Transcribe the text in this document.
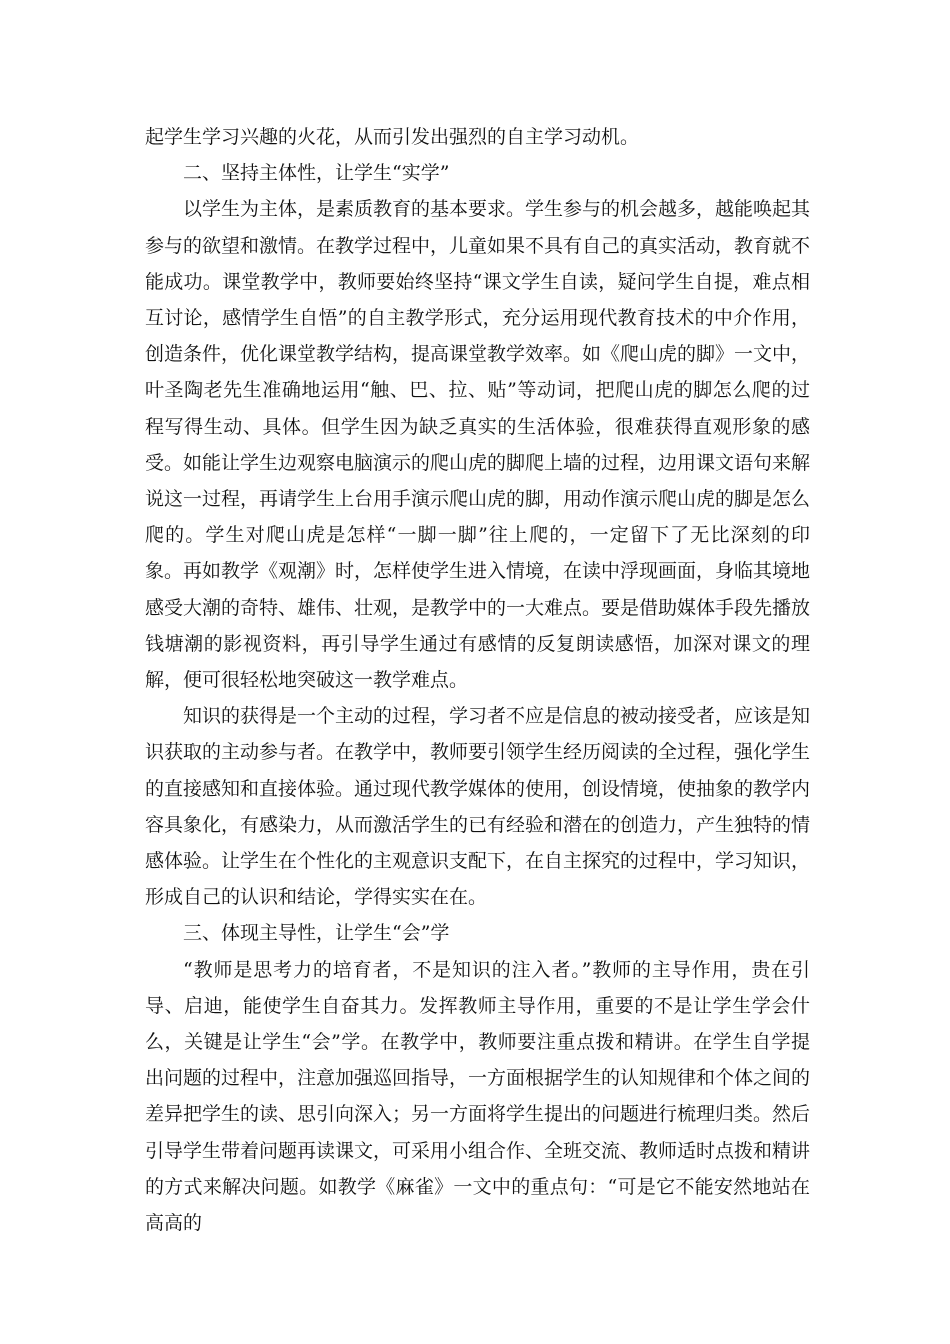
起学生学习兴趣的火花，从而引发出强烈的自主学习动机。

二、坚持主体性，让学生“实学”

以学生为主体，是素质教育的基本要求。学生参与的机会越多，越能唤起其参与的欲望和激情。在教学过程中，儿童如果不具有自己的真实活动，教育就不能成功。课堂教学中，教师要始终坚持“课文学生自读，疑问学生自提，难点相互讨论，感情学生自悟”的自主教学形式，充分运用现代教育技术的中介作用，创造条件，优化课堂教学结构，提高课堂教学效率。如《爬山虎的脚》一文中，叶圣陶老先生准确地运用“触、巴、拉、贴”等动词，把爬山虎的脚怎么爬的过程写得生动、具体。但学生因为缺乏真实的生活体验，很难获得直观形象的感受。如能让学生边观察电脑演示的爬山虎的脚爬上墙的过程，边用课文语句来解说这一过程，再请学生上台用手演示爬山虎的脚，用动作演示爬山虎的脚是怎么爬的。学生对爬山虎是怎样“一脚一脚”往上爬的，一定留下了无比深刻的印象。再如教学《观潮》时，怎样使学生进入情境，在读中浮现画面，身临其境地感受大潮的奇特、雄伟、壮观，是教学中的一大难点。要是借助媒体手段先播放钱塘潮的影视资料，再引导学生通过有感情的反复朗读感悟，加深对课文的理解，便可很轻松地突破这一教学难点。

知识的获得是一个主动的过程，学习者不应是信息的被动接受者，应该是知识获取的主动参与者。在教学中，教师要引领学生经历阅读的全过程，强化学生的直接感知和直接体验。通过现代教学媒体的使用，创设情境，使抽象的教学内容具象化，有感染力，从而激活学生的已有经验和潜在的创造力，产生独特的情感体验。让学生在个性化的主观意识支配下，在自主探究的过程中，学习知识，形成自己的认识和结论，学得实实在在。

三、体现主导性，让学生“会”学

“教师是思考力的培育者，不是知识的注入者。”教师的主导作用，贵在引导、启迪，能使学生自奋其力。发挥教师主导作用，重要的不是让学生学会什么，关键是让学生“会”学。在教学中，教师要注重点拨和精讲。在学生自学提出问题的过程中，注意加强巡回指导，一方面根据学生的认知规律和个体之间的差异把学生的读、思引向深入；另一方面将学生提出的问题进行梳理归类。然后引导学生带着问题再读课文，可采用小组合作、全班交流、教师适时点拨和精讲的方式来解决问题。如教学《麻雀》一文中的重点句：“可是它不能安然地站在高高的
